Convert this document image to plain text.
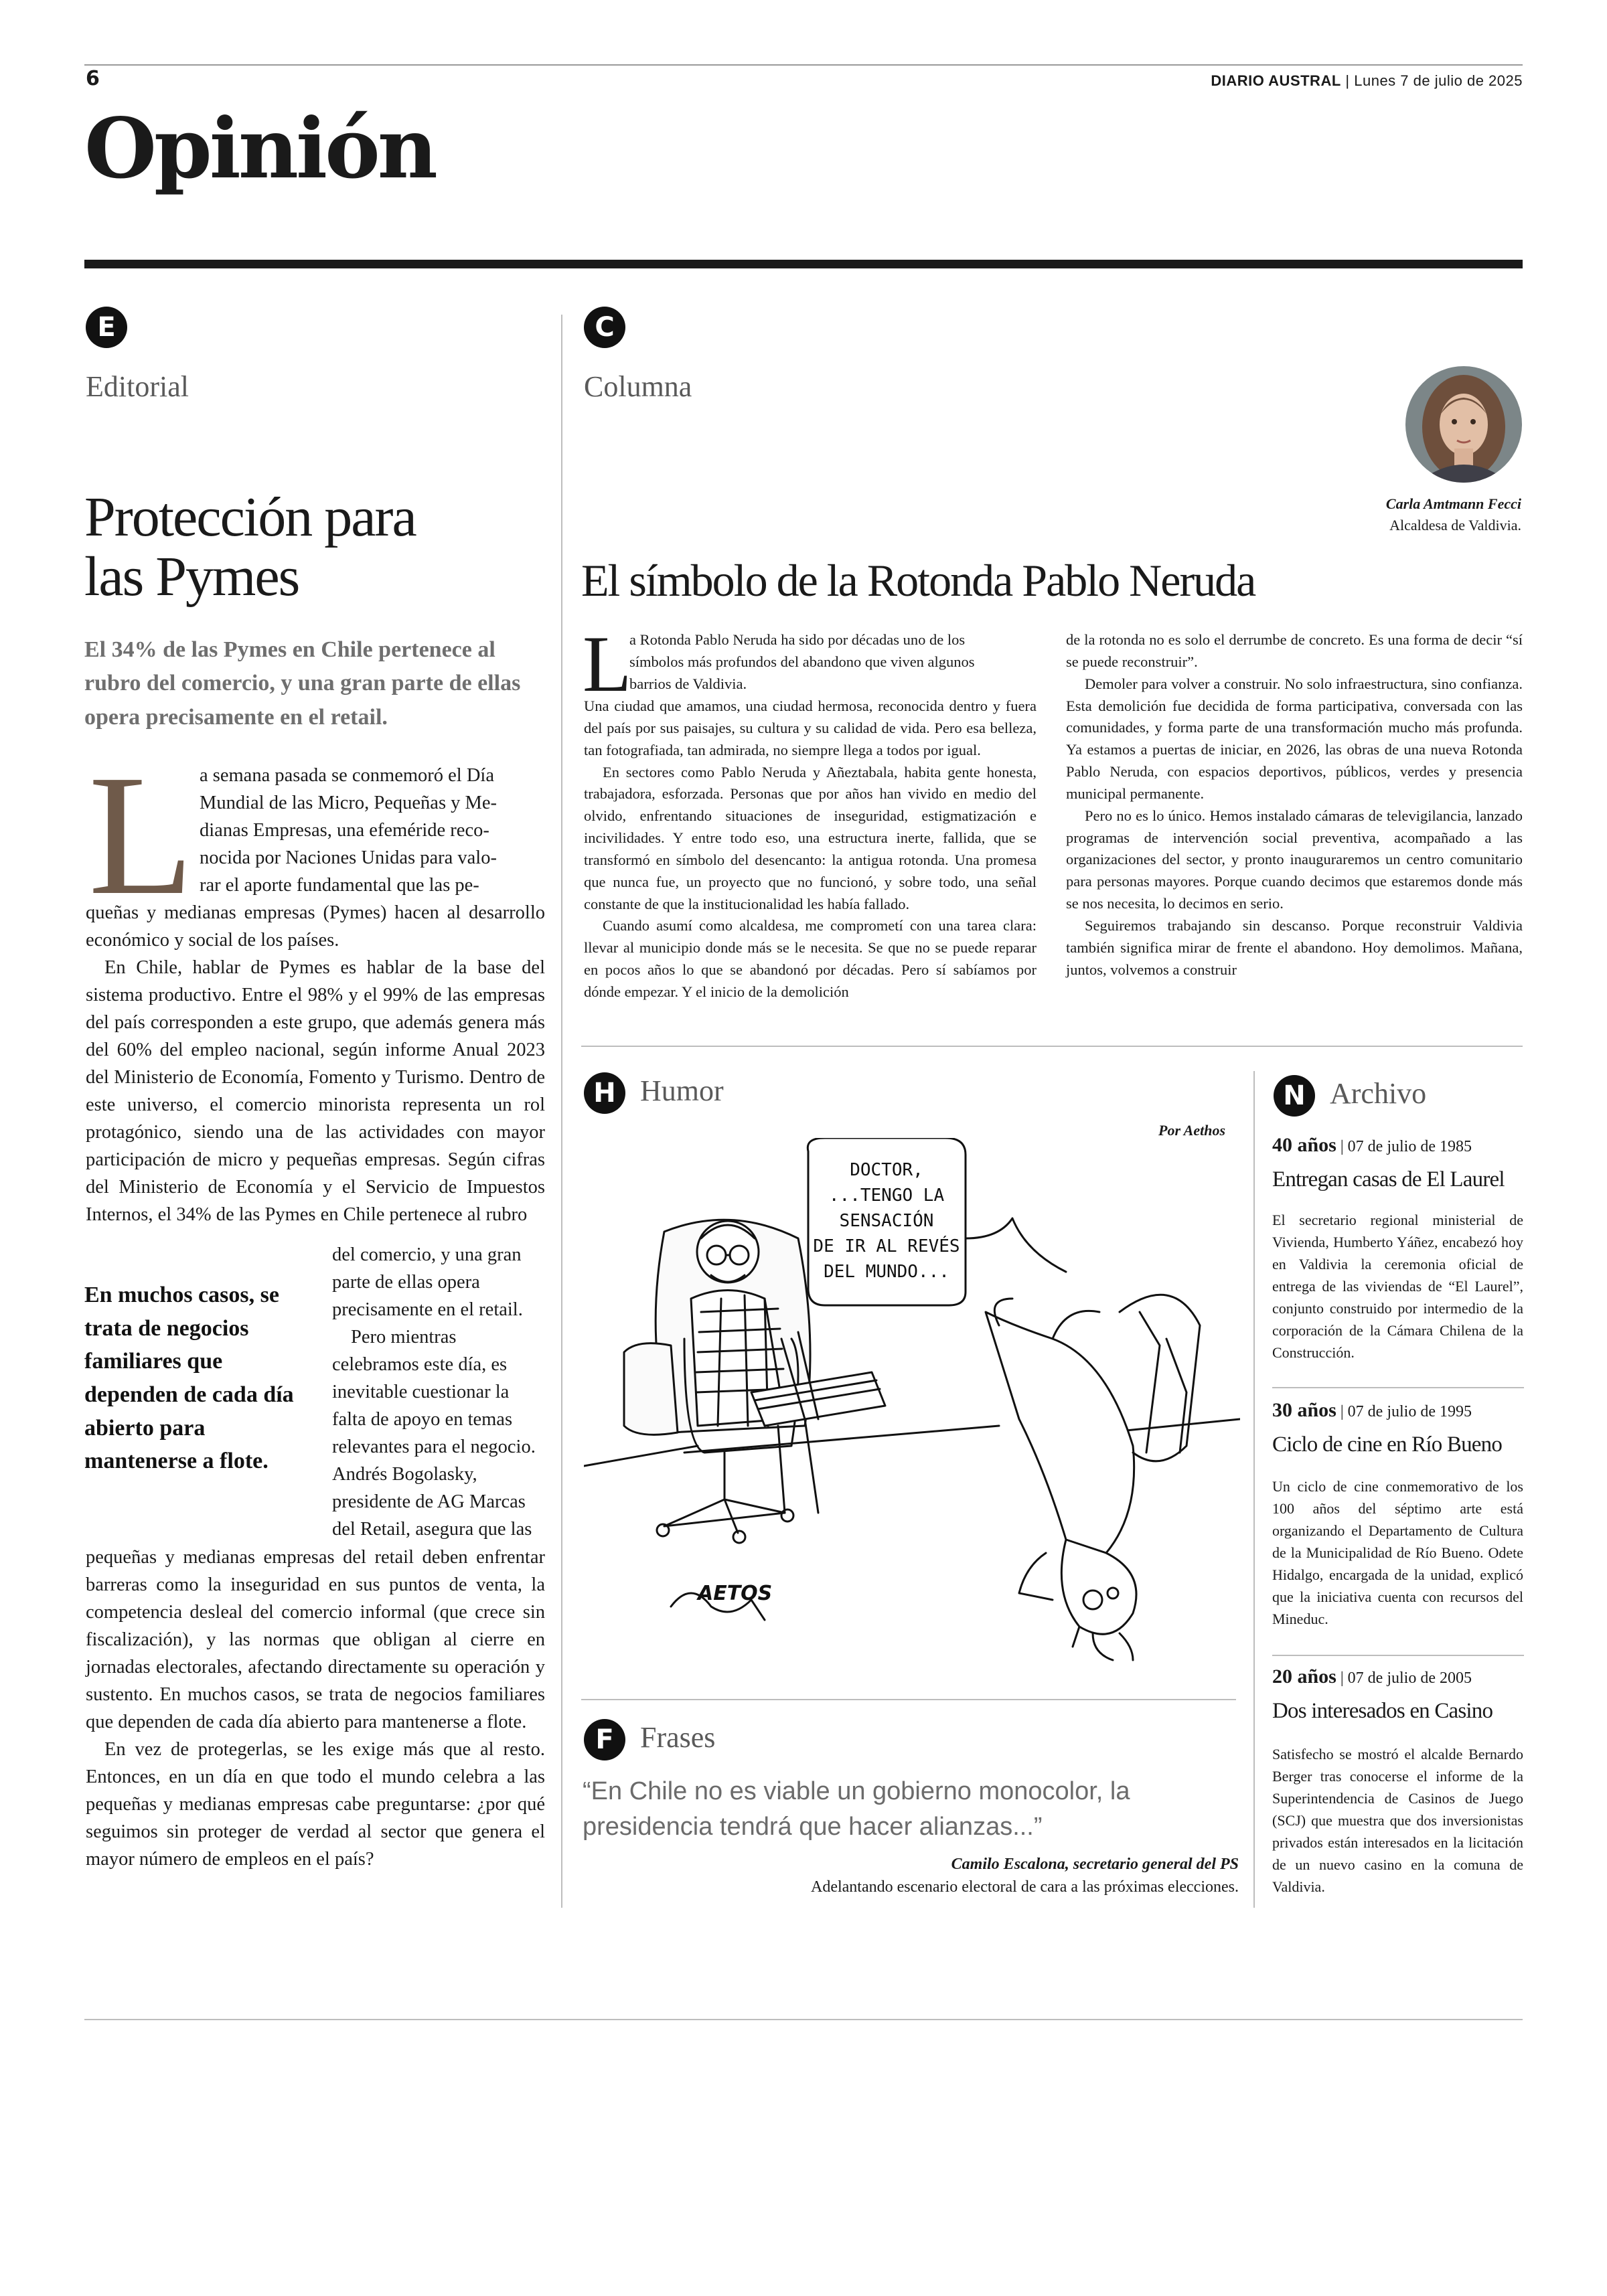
6	DIARIO AUSTRAL | Lunes 7 de julio de 2025
Opinión
E
Editorial
Protección para
las Pymes
El 34% de las Pymes en Chile pertenece al rubro del comercio, y una gran parte de ellas opera precisamente en el retail.
L a semana pasada se conmemoró el Día
Mundial de las Micro, Pequeñas y Me-
dianas Empresas, una efeméride reco-
nocida por Naciones Unidas para valo-
rar el aporte fundamental que las pe-

queñas y medianas empresas (Pymes) hacen al desarrollo económico y social de los países.

En Chile, hablar de Pymes es hablar de la base del sistema productivo. Entre el 98% y el 99% de las empresas del país corresponden a este grupo, que además genera más del 60% del empleo nacional, según informe Anual 2023 del Ministerio de Economía, Fomento y Turismo. Dentro de este universo, el comercio minorista representa un rol protagónico, siendo una de las actividades con mayor participación de micro y pequeñas empresas. Según cifras del Ministerio de Economía y el Servicio de Impuestos Internos, el 34% de las Pymes en Chile pertenece al rubro

En muchos casos, se trata de negocios familiares que dependen de cada día abierto para mantenerse a flote.

del comercio, y una gran parte de ellas opera precisamente en el retail.

Pero mientras celebramos este día, es inevitable cuestionar la falta de apoyo en temas relevantes para el negocio. Andrés Bogolasky, presidente de AG Marcas del Retail, asegura que las

pequeñas y medianas empresas del retail deben enfrentar barreras como la inseguridad en sus puntos de venta, la competencia desleal del comercio informal (que crece sin fiscalización), y las normas que obligan al cierre en jornadas electorales, afectando directamente su operación y sustento. En muchos casos, se trata de negocios familiares que dependen de cada día abierto para mantenerse a flote.

En vez de protegerlas, se les exige más que al resto. Entonces, en un día en que todo el mundo celebra a las pequeñas y medianas empresas cabe preguntarse: ¿por qué seguimos sin proteger de verdad al sector que genera el mayor número de empleos en el país?

C
Columna
Carla Amtmann Fecci
Alcaldesa de Valdivia.
El símbolo de la Rotonda Pablo Neruda
L
a Rotonda Pablo Neruda ha sido por décadas uno de los
símbolos más profundos del abandono que viven algunos
barrios de Valdivia.

Una ciudad que amamos, una ciudad hermosa, reconocida dentro y fuera del país por sus paisajes, su cultura y su calidad de vida. Pero esa belleza, tan fotografiada, tan admirada, no siempre llega a todos por igual.

En sectores como Pablo Neruda y Añeztabala, habita gente honesta, trabajadora, esforzada. Personas que por años han vivido en medio del olvido, enfrentando situaciones de inseguridad, estigmatización e incivilidades. Y entre todo eso, una estructura inerte, fallida, que se transformó en símbolo del desencanto: la antigua rotonda. Una promesa que nunca fue, un proyecto que no funcionó, y sobre todo, una señal constante de que la institucionalidad les había fallado.

Cuando asumí como alcaldesa, me comprometí con una tarea clara: llevar al municipio donde más se le necesita. Se que no se puede reparar en pocos años lo que se abandonó por décadas. Pero sí sabíamos por dónde empezar. Y el inicio de la demolición

de la rotonda no es solo el derrumbe de concreto. Es una forma de decir “sí se puede reconstruir”.

Demoler para volver a construir. No solo infraestructura, sino confianza. Esta demolición fue decidida de forma participativa, conversada con las comunidades, y forma parte de una transformación mucho más profunda. Ya estamos a puertas de iniciar, en 2026, las obras de una nueva Rotonda Pablo Neruda, con espacios deportivos, públicos, verdes y presencia municipal permanente.

Pero no es lo único. Hemos instalado cámaras de televigilancia, lanzado programas de intervención social preventiva, acompañado a las organizaciones del sector, y pronto inauguraremos un centro comunitario para personas mayores. Porque cuando decimos que estaremos donde más se nos necesita, lo decimos en serio.

Seguiremos trabajando sin descanso. Porque reconstruir Valdivia también significa mirar de frente el abandono. Hoy demolimos. Mañana, juntos, volvemos a construir

H Humor
Por Aethos
DOCTOR,
...TENGO LA
SENSACIÓN
DE IR AL REVÉS
DEL MUNDO...
AETOS
F Frases
“En Chile no es viable un gobierno monocolor, la presidencia tendrá que hacer alianzas...”
Camilo Escalona, secretario general del PS
Adelantando escenario electoral de cara a las próximas elecciones.
N Archivo
40 años | 07 de julio de 1985
Entregan casas de El Laurel

El secretario regional ministerial de Vivienda, Humberto Yáñez, encabezó hoy en Valdivia la ceremonia oficial de entrega de las viviendas de “El Laurel”, conjunto construido por intermedio de la corporación de la Cámara Chilena de la Construcción.

30 años | 07 de julio de 1995
Ciclo de cine en Río Bueno

Un ciclo de cine conmemorativo de los 100 años del séptimo arte está organizando el Departamento de Cultura de la Municipalidad de Río Bueno. Odete Hidalgo, encargada de la unidad, explicó que la iniciativa cuenta con recursos del Mineduc.

20 años | 07 de julio de 2005
Dos interesados en Casino

Satisfecho se mostró el alcalde Bernardo Berger tras conocerse el informe de la Superintendencia de Casinos de Juego (SCJ) que muestra que dos inversionistas privados están interesados en la licitación de un nuevo casino en la comuna de Valdivia.
